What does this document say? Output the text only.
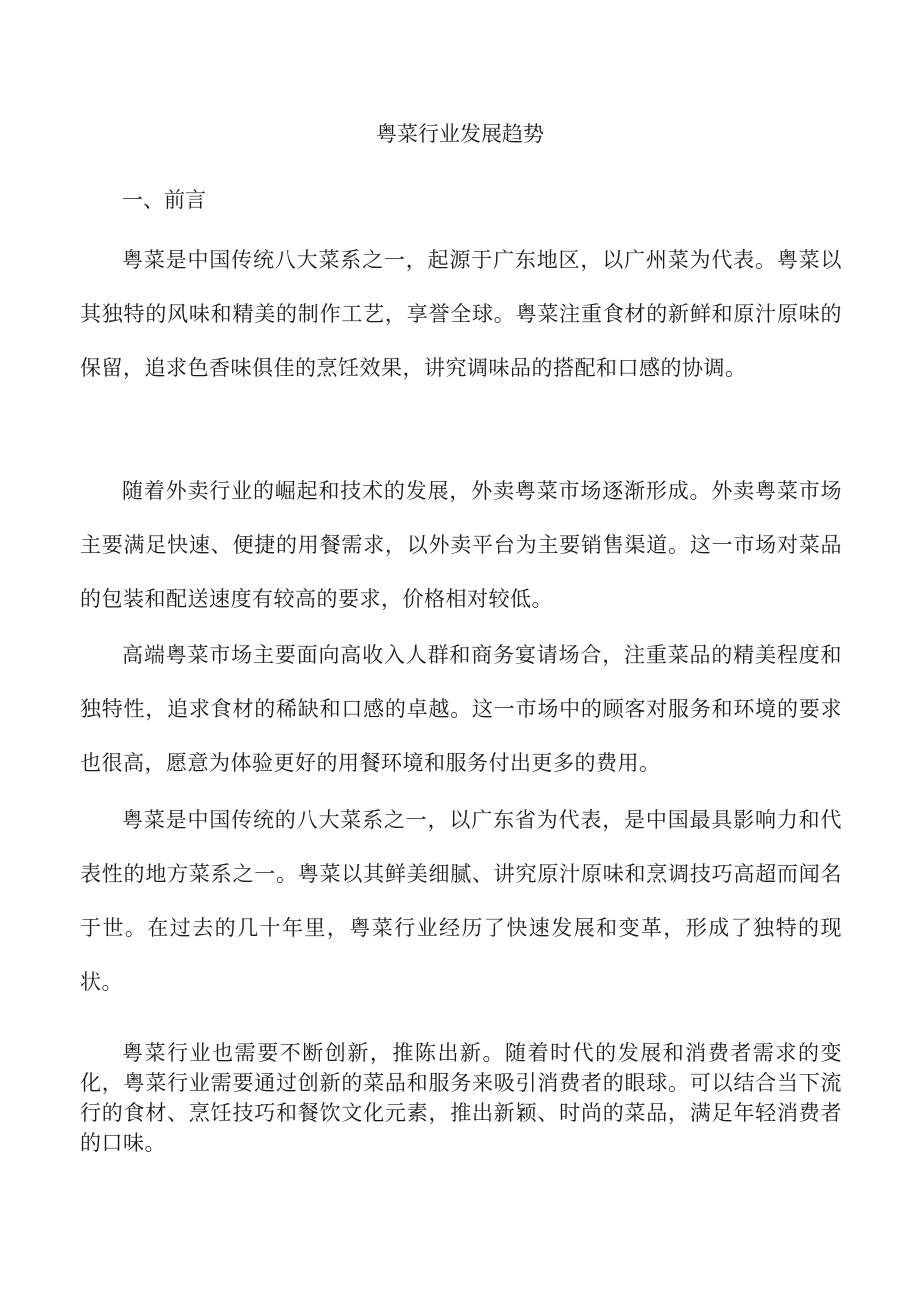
粤菜行业发展趋势
一、前言

粤菜是中国传统八大菜系之一，起源于广东地区，以广州菜为代表。粤菜以其独特的风味和精美的制作工艺，享誉全球。粤菜注重食材的新鲜和原汁原味的保留，追求色香味俱佳的烹饪效果，讲究调味品的搭配和口感的协调。

随着外卖行业的崛起和技术的发展，外卖粤菜市场逐渐形成。外卖粤菜市场主要满足快速、便捷的用餐需求，以外卖平台为主要销售渠道。这一市场对菜品的包装和配送速度有较高的要求，价格相对较低。

高端粤菜市场主要面向高收入人群和商务宴请场合，注重菜品的精美程度和独特性，追求食材的稀缺和口感的卓越。这一市场中的顾客对服务和环境的要求也很高，愿意为体验更好的用餐环境和服务付出更多的费用。

粤菜是中国传统的八大菜系之一，以广东省为代表，是中国最具影响力和代表性的地方菜系之一。粤菜以其鲜美细腻、讲究原汁原味和烹调技巧高超而闻名于世。在过去的几十年里，粤菜行业经历了快速发展和变革，形成了独特的现状。

粤菜行业也需要不断创新，推陈出新。随着时代的发展和消费者需求的变化，粤菜行业需要通过创新的菜品和服务来吸引消费者的眼球。可以结合当下流行的食材、烹饪技巧和餐饮文化元素，推出新颖、时尚的菜品，满足年轻消费者的口味。
